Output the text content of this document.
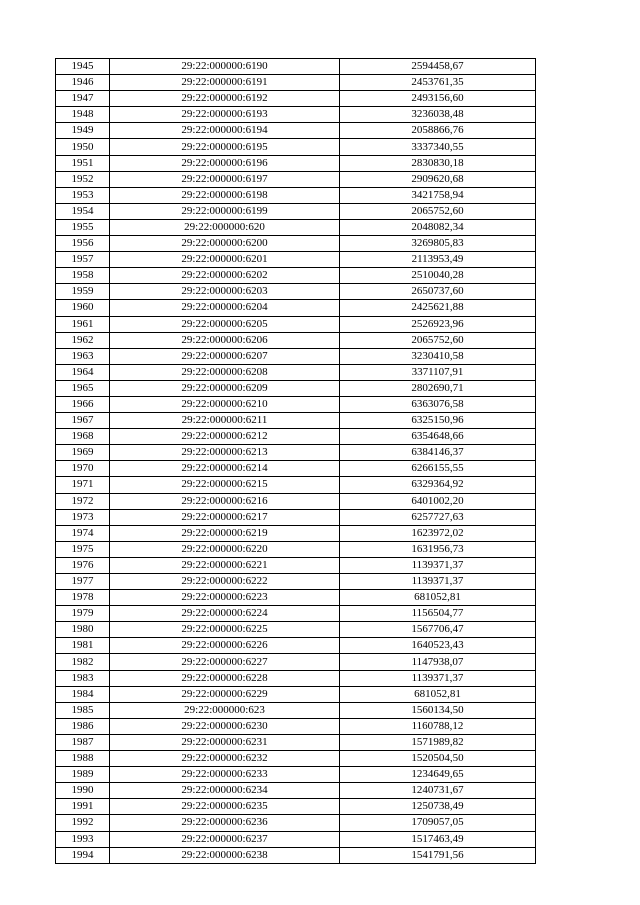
1945	29:22:000000:6190	2594458,67
1946	29:22:000000:6191	2453761,35
1947	29:22:000000:6192	2493156,60
1948	29:22:000000:6193	3236038,48
1949	29:22:000000:6194	2058866,76
1950	29:22:000000:6195	3337340,55
1951	29:22:000000:6196	2830830,18
1952	29:22:000000:6197	2909620,68
1953	29:22:000000:6198	3421758,94
1954	29:22:000000:6199	2065752,60
1955	29:22:000000:620	2048082,34
1956	29:22:000000:6200	3269805,83
1957	29:22:000000:6201	2113953,49
1958	29:22:000000:6202	2510040,28
1959	29:22:000000:6203	2650737,60
1960	29:22:000000:6204	2425621,88
1961	29:22:000000:6205	2526923,96
1962	29:22:000000:6206	2065752,60
1963	29:22:000000:6207	3230410,58
1964	29:22:000000:6208	3371107,91
1965	29:22:000000:6209	2802690,71
1966	29:22:000000:6210	6363076,58
1967	29:22:000000:6211	6325150,96
1968	29:22:000000:6212	6354648,66
1969	29:22:000000:6213	6384146,37
1970	29:22:000000:6214	6266155,55
1971	29:22:000000:6215	6329364,92
1972	29:22:000000:6216	6401002,20
1973	29:22:000000:6217	6257727,63
1974	29:22:000000:6219	1623972,02
1975	29:22:000000:6220	1631956,73
1976	29:22:000000:6221	1139371,37
1977	29:22:000000:6222	1139371,37
1978	29:22:000000:6223	681052,81
1979	29:22:000000:6224	1156504,77
1980	29:22:000000:6225	1567706,47
1981	29:22:000000:6226	1640523,43
1982	29:22:000000:6227	1147938,07
1983	29:22:000000:6228	1139371,37
1984	29:22:000000:6229	681052,81
1985	29:22:000000:623	1560134,50
1986	29:22:000000:6230	1160788,12
1987	29:22:000000:6231	1571989,82
1988	29:22:000000:6232	1520504,50
1989	29:22:000000:6233	1234649,65
1990	29:22:000000:6234	1240731,67
1991	29:22:000000:6235	1250738,49
1992	29:22:000000:6236	1709057,05
1993	29:22:000000:6237	1517463,49
1994	29:22:000000:6238	1541791,56
